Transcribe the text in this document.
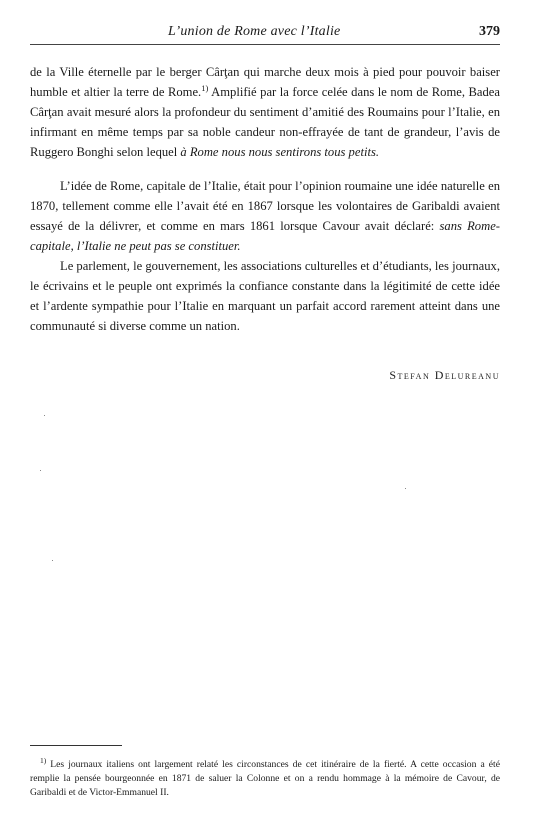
L’union de Rome avec l’Italie	379

de la Ville éternelle par le berger Cârţan qui marche deux mois à pied pour pouvoir baiser humble et altier la terre de Rome.$^{1)}$ Amplifié par la force celée dans le nom de Rome, Badea Cârţan avait mesuré alors la profondeur du sentiment d’amitié des Roumains pour l’Italie, en infirmant en même temps par sa noble candeur non-effrayée de tant de grandeur, l’avis de Ruggero Bonghi selon lequel à Rome nous nous sentirons tous petits.

L’idée de Rome, capitale de l’Italie, était pour l’opinion roumaine une idée naturelle en 1870, tellement comme elle l’avait été en 1867 lorsque les volontaires de Garibaldi avaient essayé de la délivrer, et comme en mars 1861 lorsque Cavour avait déclaré: sans Rome-capitale, l’Italie ne peut pas se constituer.

Le parlement, le gouvernement, les associations culturelles et d’étudiants, les journaux, le écrivains et le peuple ont exprimés la confiance constante dans la légitimité de cette idée et l’ardente sympathie pour l’Italie en marquant un parfait accord rarement atteint dans une communauté si diverse comme un nation.

Stefan Delureanu

$^{1)}$ Les journaux italiens ont largement relaté les circonstances de cet itinéraire de la fierté. A cette occasion a été remplie la pensée bourgeonnée en 1871 de saluer la Colonne et on a rendu hommage à la mémoire de Cavour, de Garibaldi et de Victor-Emmanuel II.
